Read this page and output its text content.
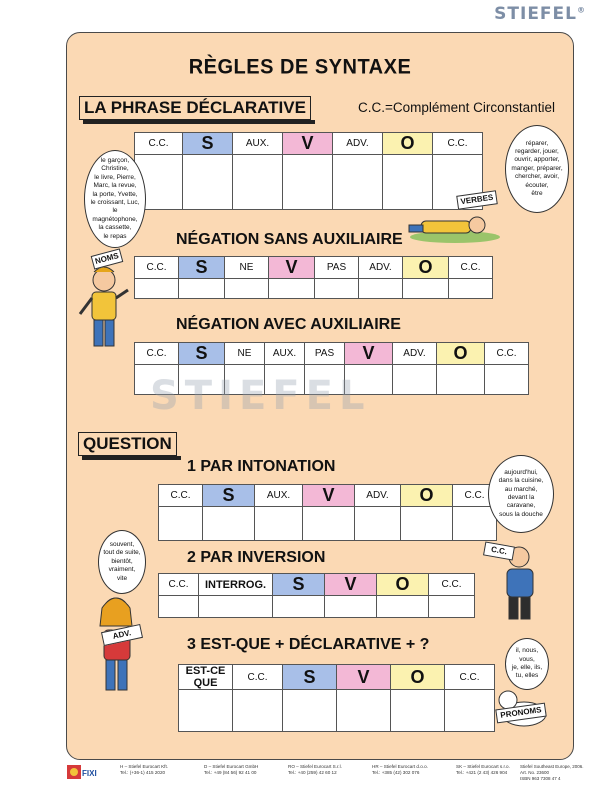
STIEFEL®
RÈGLES DE SYNTAXE
LA PHRASE DÉCLARATIVE	C.C.=Complément Circonstantiel
C.C.	S	AUX.	V	ADV.	O	C.C.

NÉGATION SANS AUXILIAIRE
C.C.	S	NE	V	PAS	ADV.	O	C.C.

NÉGATION AVEC AUXILIAIRE
C.C.	S	NE	AUX.	PAS	V	ADV.	O	C.C.

STIEFEL
QUESTION
1 PAR INTONATION
C.C.	S	AUX.	V	ADV.	O	C.C.

2 PAR INVERSION
C.C.	INTERROG.	S	V	O	C.C.

3 EST-QUE + DÉCLARATIVE + ?
EST-CE QUE	C.C.	S	V	O	C.C.

le garçon,
Christine,
le livre, Pierre,
Marc, la revue,
la porte, Yvette,
le croissant, Luc,
le magnétophone,
la cassette,
le repas
réparer,
regarder, jouer,
ouvrir, apporter,
manger, préparer,
chercher, avoir,
écouter,
être
aujourd'hui,
dans la cuisine,
au marché,
devant la
caravane,
sous la douche
souvent,
tout de suite,
bientôt,
vraiment,
vite
il, nous, vous,
je, elle, ils,
tu, elles
NOMS
VERBES
C.C.
ADV.
PRONOMS
FIXI
H – Stiefel Eurocart Kft.
Tel.: (+36-1) 415 2020
D – Stiefel Eurocart GmbH
Tel.: +49 (84 56) 92 41 00
RO – Stiefel Eurocart S.r.l.
Tel.: +40 (259) 42 60 12
HR – Stiefel Eurocart d.o.o.
Tel.: +385 (42) 302 076
SK – Stiefel Eurocart s.r.o.
Tel.: +421 (2 43) 426 904
Stiefel Southeast Europe, 2006.
Art. No. 23600
ISBN 963 7308 47 4
